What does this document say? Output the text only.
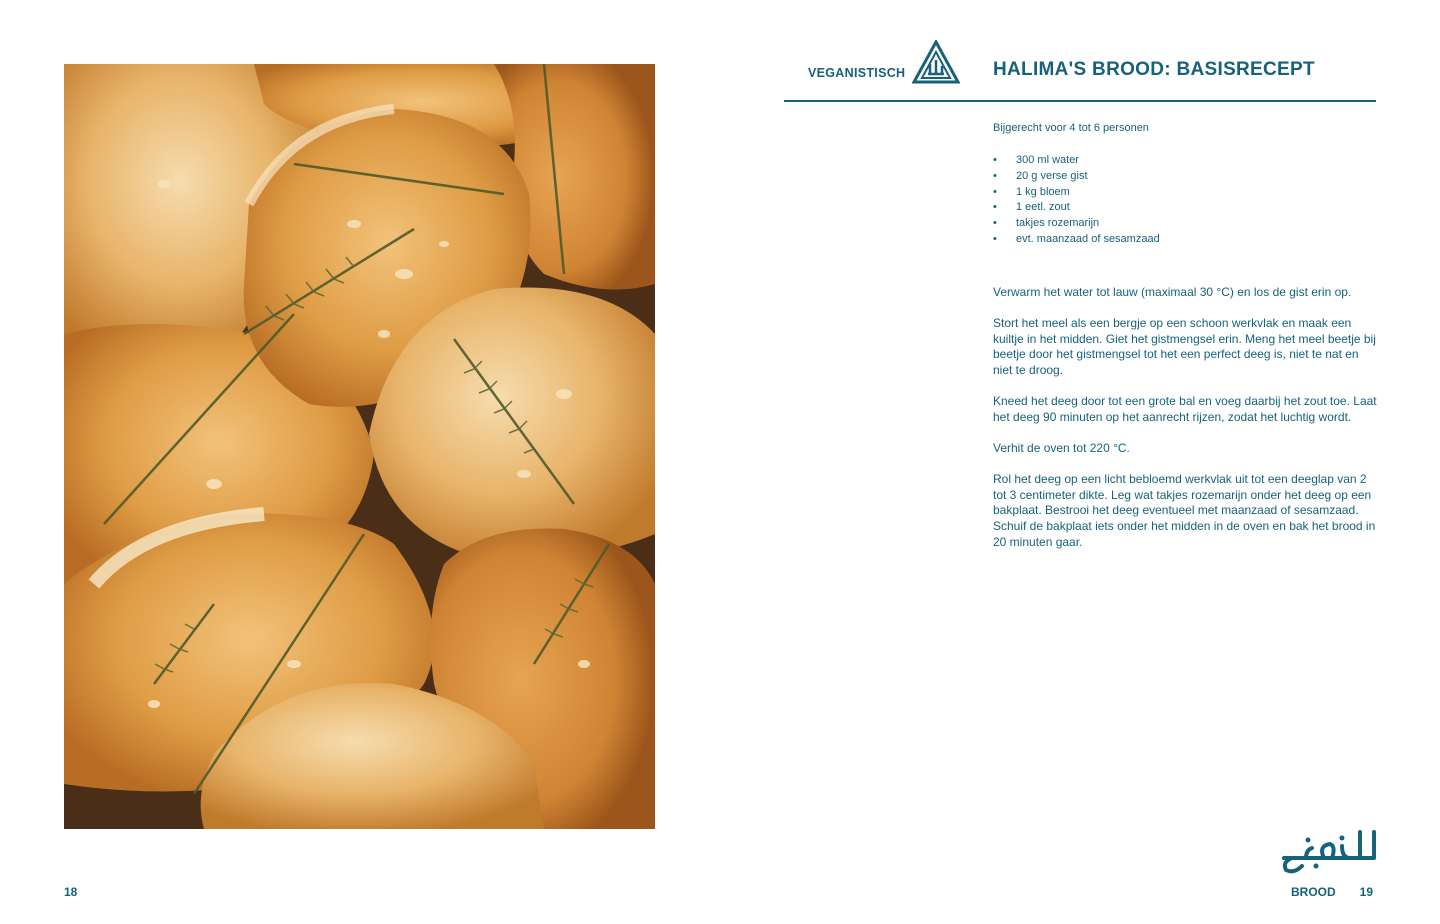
VEGANISTISCH	HALIMA'S BROOD: BASISRECEPT
Bijgerecht voor 4 tot 6 personen
• 300 ml water
• 20 g verse gist
• 1 kg bloem
• 1 eetl. zout
• takjes rozemarijn
• evt. maanzaad of sesamzaad

Verwarm het water tot lauw (maximaal 30 °C) en los de gist erin op.

Stort het meel als een bergje op een schoon werkvlak en maak een kuiltje in het midden. Giet het gistmengsel erin. Meng het meel beetje bij beetje door het gistmengsel tot het een perfect deeg is, niet te nat en niet te droog.

Kneed het deeg door tot een grote bal en voeg daarbij het zout toe. Laat het deeg 90 minuten op het aanrecht rijzen, zodat het luchtig wordt.

Verhit de oven tot 220 °C.

Rol het deeg op een licht bebloemd werkvlak uit tot een deeglap van 2 tot 3 centimeter dikte. Leg wat takjes rozemarijn onder het deeg op een bakplaat. Bestrooi het deeg eventueel met maanzaad of sesamzaad. Schuif de bakplaat iets onder het midden in de oven en bak het brood in 20 minuten gaar.

18	BROOD 19
